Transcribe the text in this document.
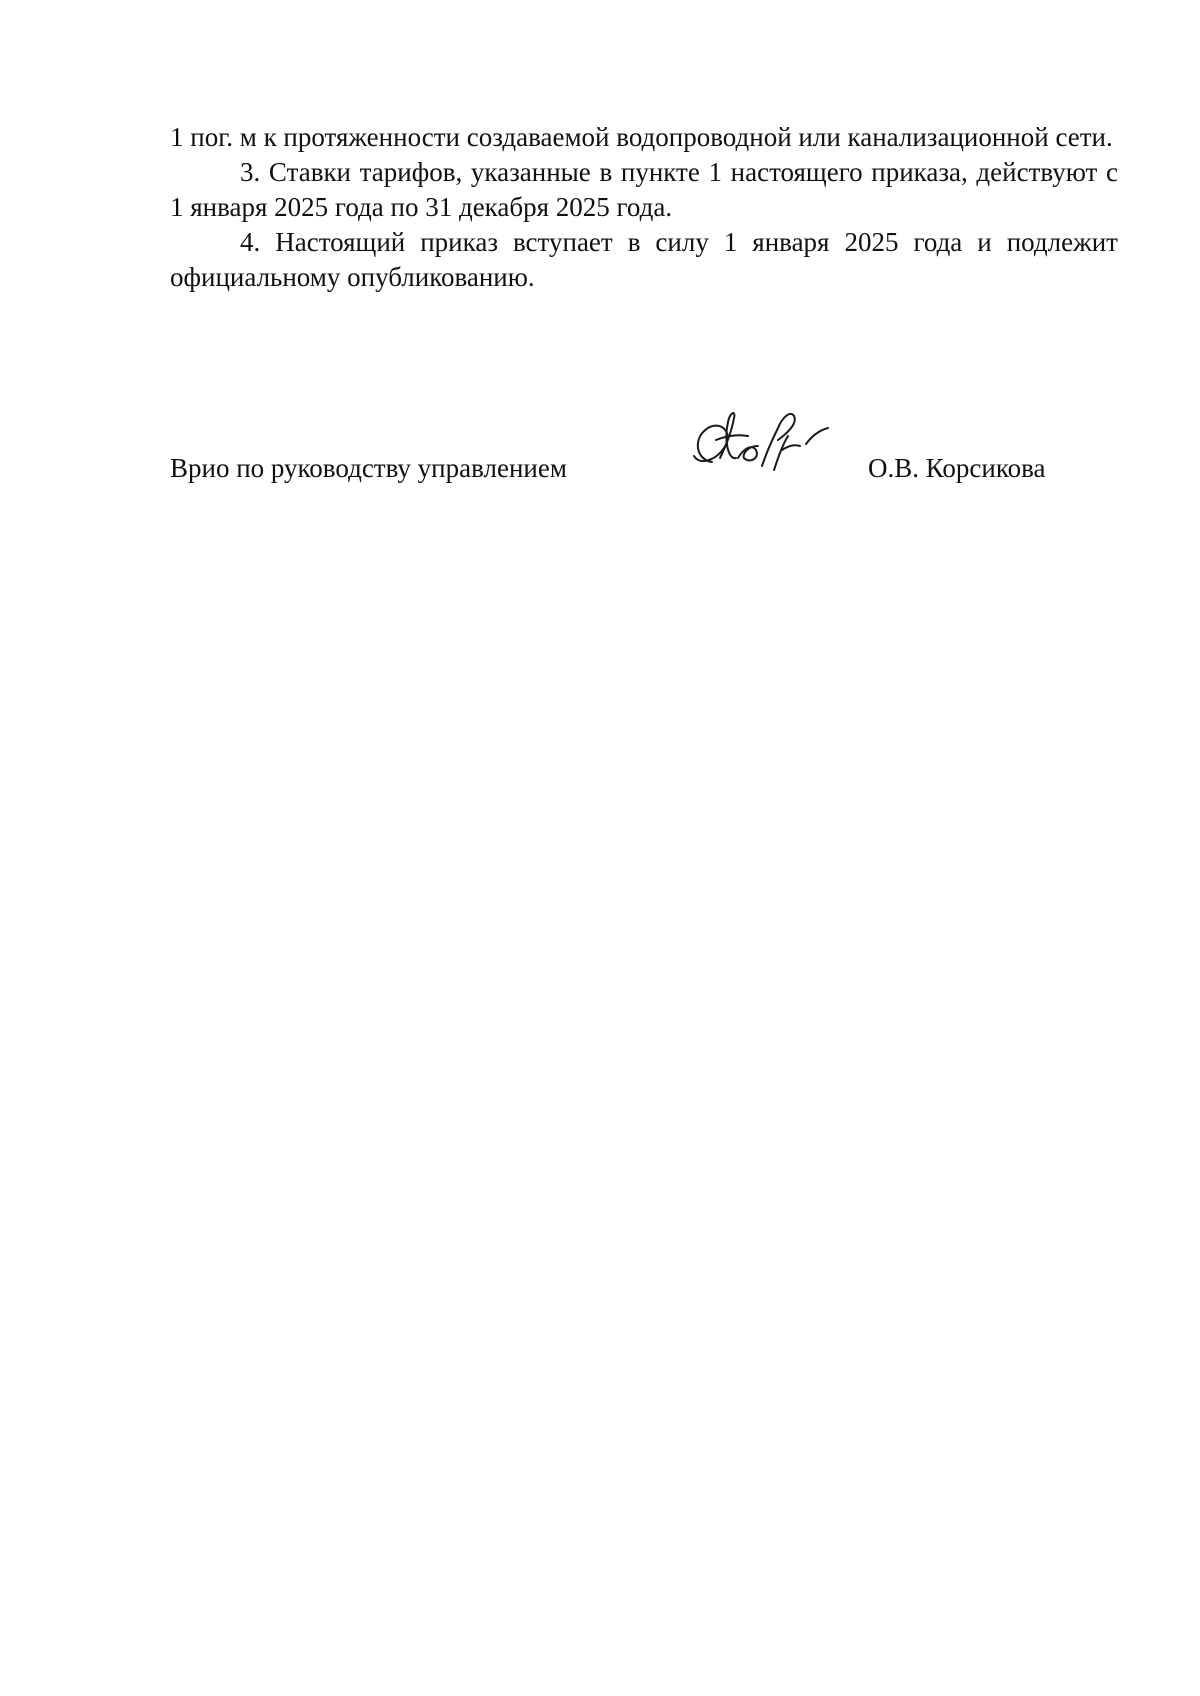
1 пог. м к протяженности создаваемой водопроводной или канализационной сети.

3. Ставки тарифов, указанные в пункте 1 настоящего приказа, действуют с 1 января 2025 года по 31 декабря 2025 года.

4. Настоящий приказ вступает в силу 1 января 2025 года и подлежит официальному опубликованию.

Врио по руководству управлением	О.В. Корсикова
